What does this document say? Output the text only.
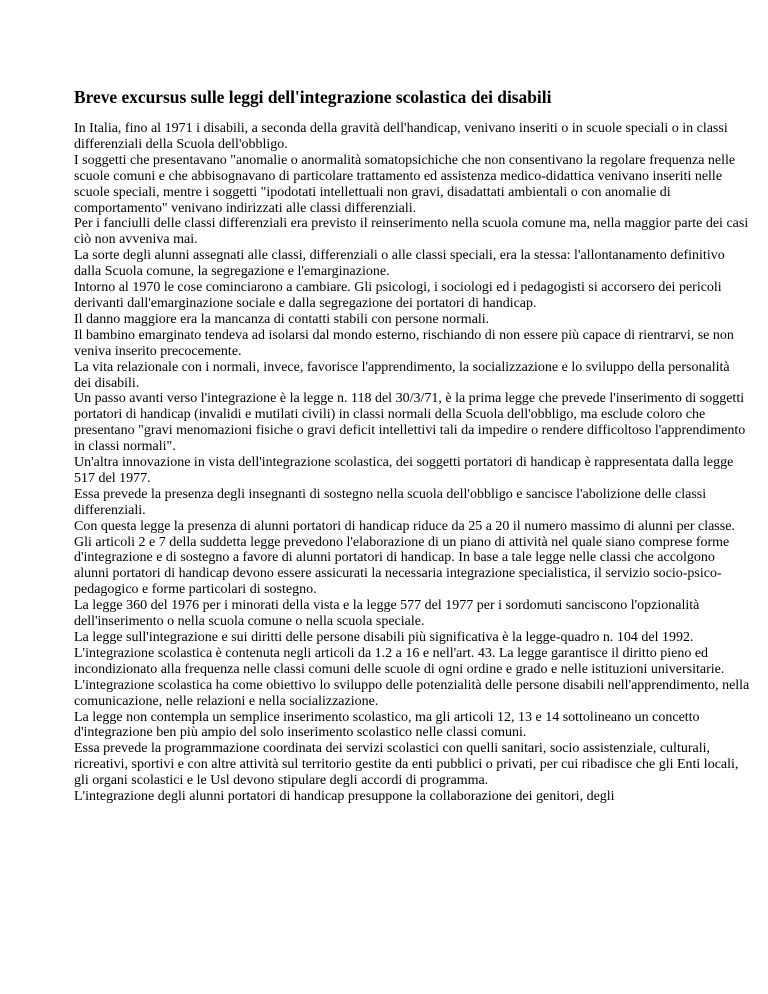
Breve excursus sulle leggi dell'integrazione scolastica dei disabili

In Italia, fino al 1971 i disabili, a seconda della gravità dell'handicap, venivano inseriti o in scuole speciali o in classi differenziali della Scuola dell'obbligo.

I soggetti che presentavano "anomalie o anormalità somatopsichiche che non consentivano la regolare frequenza nelle scuole comuni e che abbisognavano di particolare trattamento ed assistenza medico-didattica venivano inseriti nelle scuole speciali, mentre i soggetti "ipodotati intellettuali non gravi, disadattati ambientali o con anomalie di comportamento" venivano indirizzati alle classi differenziali.

Per i fanciulli delle classi differenziali era previsto il reinserimento nella scuola comune ma, nella maggior parte dei casi ciò non avveniva mai.

La sorte degli alunni assegnati alle classi, differenziali o alle classi speciali, era la stessa: l'allontanamento definitivo dalla Scuola comune, la segregazione e l'emarginazione.

Intorno al 1970 le cose cominciarono a cambiare. Gli psicologi, i sociologi ed i pedagogisti si accorsero dei pericoli derivanti dall'emarginazione sociale e dalla segregazione dei portatori di handicap.

Il danno maggiore era la mancanza di contatti stabili con persone normali.

Il bambino emarginato tendeva ad isolarsi dal mondo esterno, rischiando di non essere più capace di rientrarvi, se non veniva inserito precocemente.

La vita relazionale con i normali, invece, favorisce l'apprendimento, la socializzazione e lo sviluppo della personalità dei disabili.

Un passo avanti verso l'integrazione è la legge n. 118 del 30/3/71, è la prima legge che prevede l'inserimento di soggetti portatori di handicap (invalidi e mutilati civili) in classi normali della Scuola dell'obbligo, ma esclude coloro che presentano "gravi menomazioni fisiche o gravi deficit intellettivi tali da impedire o rendere difficoltoso l'apprendimento in classi normali".

Un'altra innovazione in vista dell'integrazione scolastica, dei soggetti portatori di handicap è rappresentata dalla legge 517 del 1977.

Essa prevede la presenza degli insegnanti di sostegno nella scuola dell'obbligo e sancisce l'abolizione delle classi differenziali.

Con questa legge la presenza di alunni portatori di handicap riduce da 25 a 20 il numero massimo di alunni per classe.

Gli articoli 2 e 7 della suddetta legge prevedono l'elaborazione di un piano di attività nel quale siano comprese forme d'integrazione e di sostegno a favore di alunni portatori di handicap. In base a tale legge nelle classi che accolgono alunni portatori di handicap devono essere assicurati la necessaria integrazione specialistica, il servizio socio-psico-pedagogico e forme particolari di sostegno.

La legge 360 del 1976 per i minorati della vista e la legge 577 del 1977 per i sordomuti sanciscono l'opzionalità dell'inserimento o nella scuola comune o nella scuola speciale.

La legge sull'integrazione e sui diritti delle persone disabili più significativa è la legge-quadro n. 104 del 1992.

L'integrazione scolastica è contenuta negli articoli da 1.2 a 16 e nell'art. 43. La legge garantisce il diritto pieno ed incondizionato alla frequenza nelle classi comuni delle scuole di ogni ordine e grado e nelle istituzioni universitarie.

L'integrazione scolastica ha come obiettivo lo sviluppo delle potenzialità delle persone disabili nell'apprendimento, nella comunicazione, nelle relazioni e nella socializzazione.

La legge non contempla un semplice inserimento scolastico, ma gli articoli 12, 13 e 14 sottolineano un concetto d'integrazione ben più ampio del solo inserimento scolastico nelle classi comuni.

Essa prevede la programmazione coordinata dei servizi scolastici con quelli sanitari, socio assistenziale, culturali, ricreativi, sportivi e con altre attività sul territorio gestite da enti pubblici o privati, per cui ribadisce che gli Enti locali, gli organi scolastici e le Usl devono stipulare degli accordi di programma.

L'integrazione degli alunni portatori di handicap presuppone la collaborazione dei genitori, degli
